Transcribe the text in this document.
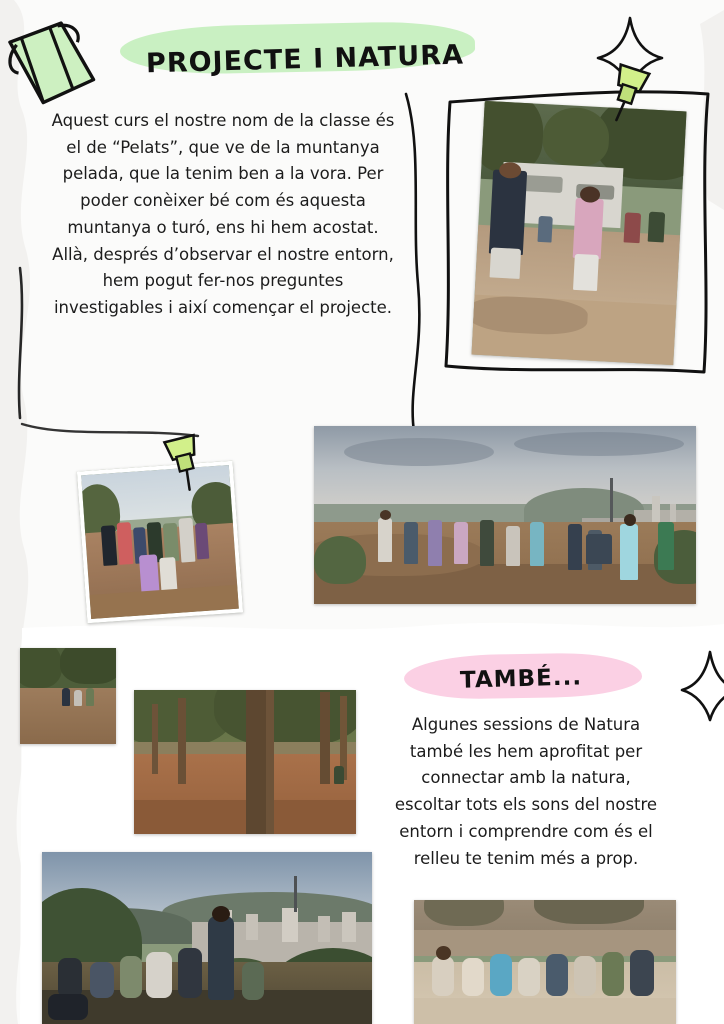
PROJECTE I NATURA
Aquest curs el nostre nom de la classe és el de “Pelats”, que ve de la muntanya pelada, que la tenim ben a la vora. Per poder conèixer bé com és aquesta muntanya o turó, ens hi hem acostat. Allà, després d’observar el nostre entorn, hem pogut fer-nos preguntes investigables i així començar el projecte.
TAMBÉ...
Algunes sessions de Natura també les hem aprofitat per connectar amb la natura, escoltar tots els sons del nostre entorn i comprendre com és el relleu te tenim més a prop.
